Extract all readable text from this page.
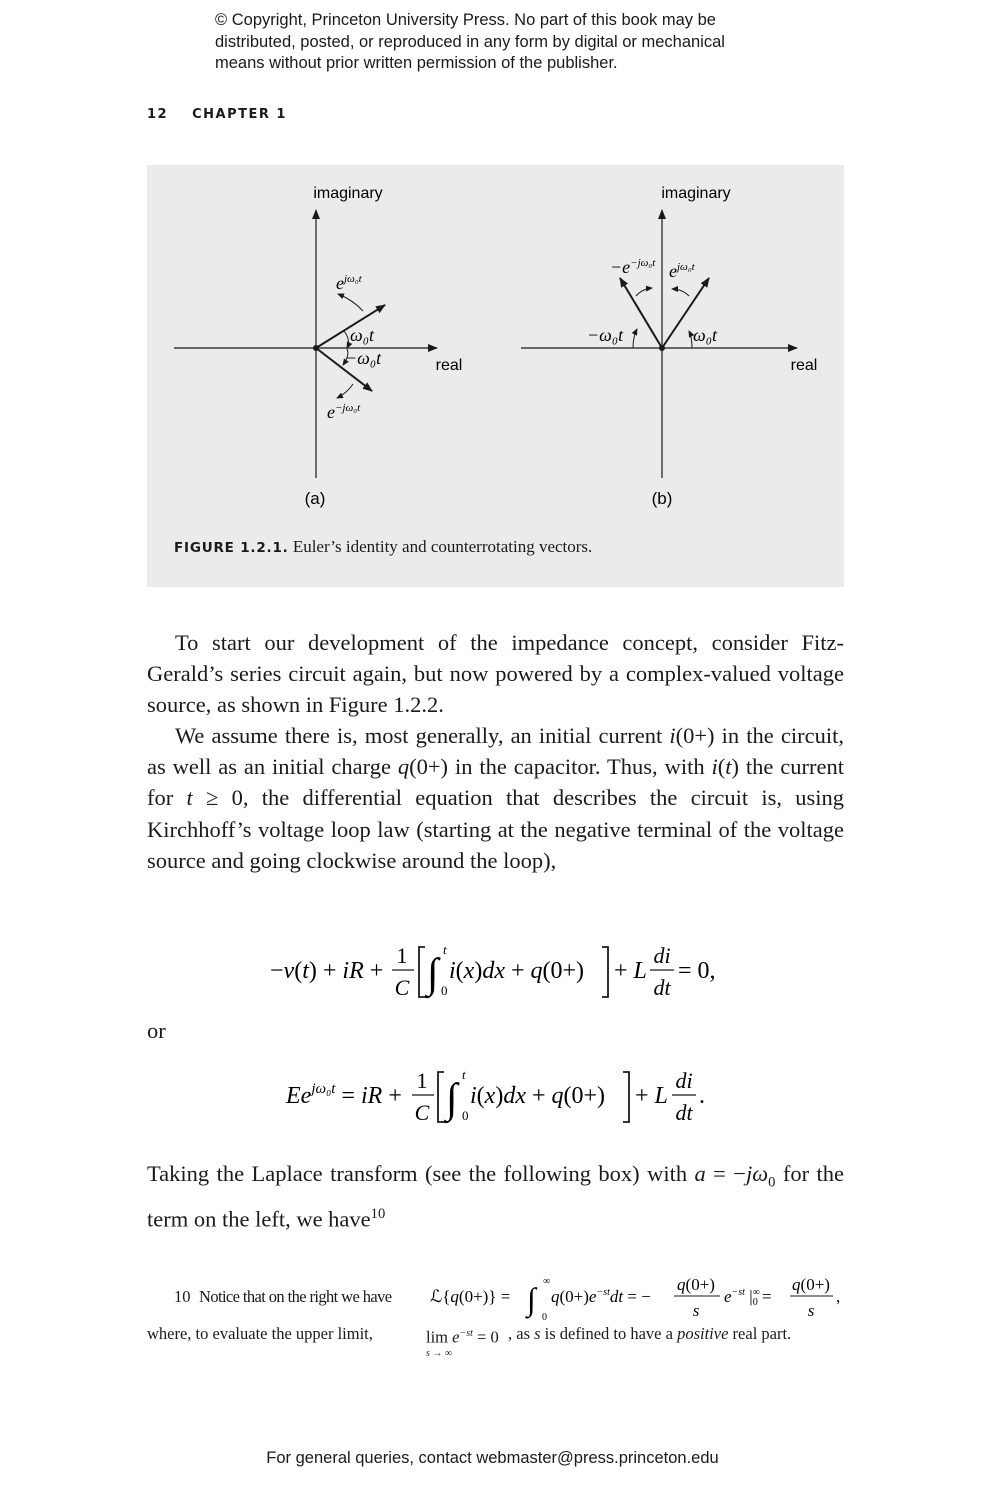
© Copyright, Princeton University Press. No part of this book may be
distributed, posted, or reproduced in any form by digital or mechanical
means without prior written permission of the publisher.
12 CHAPTER 1
imaginary
real
$e^{j\omega_0t}$
ω₀t
−ω₀t
$e^{-j\omega_0t}$
(a)
imaginary
real
$-e^{-j\omega_0t}$ $e^{j\omega_0t}$
−ω₀t	ω₀t
(b)
FIGURE 1.2.1. Euler’s identity and counterrotating vectors.

To start our development of the impedance concept, consider Fitz-Gerald’s series circuit again, but now powered by a complex-valued voltage source, as shown in Figure 1.2.2.

We assume there is, most generally, an initial current i(0+) in the circuit, as well as an initial charge q(0+) in the capacitor. Thus, with i(t) the current for t ≥ 0, the differential equation that describes the circuit is, using Kirchhoff’s voltage loop law (starting at the negative terminal of the voltage source and going clockwise around the loop),

−v(t) + iR +
1
C ∫
t
0
i(x)dx + q(0+) + L
di
dt
= 0,
or
$Ee^{j\omega_0t}$ = iR +
1
C ∫
t
0
i(x)dx + q(0+) + L
di
dt
.

Taking the Laplace transform (see the following box) with $a = -j\omega_0$ for the term on the left, we have$^{10}$

10 Notice that on the right we have ℒ{q(0+)} = ∫ ∞
0
$q(0+)e^{-st}dt$ = −
q(0+)
s
$e^{-st}$ |∞ 0 =
q(0+)
s
,
where, to evaluate the upper limit,	$\lim e^{-st} = 0$
s → ∞
, as s is defined to have a positive real part.
For general queries, contact webmaster@press.princeton.edu
